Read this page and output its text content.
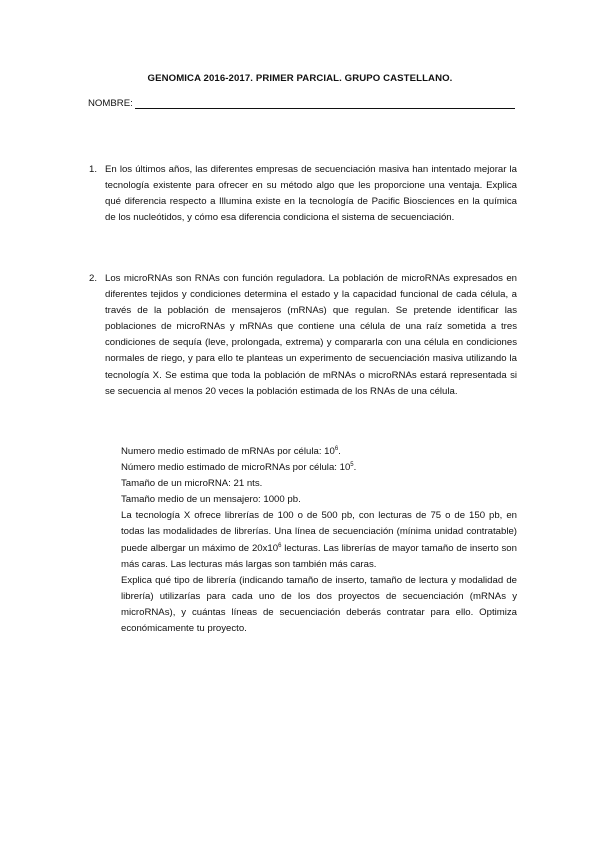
GENOMICA 2016-2017. PRIMER PARCIAL. GRUPO CASTELLANO.
NOMBRE:
1. En los últimos años, las diferentes empresas de secuenciación masiva han intentado mejorar la tecnología existente para ofrecer en su método algo que les proporcione una ventaja. Explica qué diferencia respecto a Illumina existe en la tecnología de Pacific Biosciences en la química de los nucleótidos, y cómo esa diferencia condiciona el sistema de secuenciación.
2. Los microRNAs son RNAs con función reguladora. La población de microRNAs expresados en diferentes tejidos y condiciones determina el estado y la capacidad funcional de cada célula, a través de la población de mensajeros (mRNAs) que regulan. Se pretende identificar las poblaciones de microRNAs y mRNAs que contiene una célula de una raíz sometida a tres condiciones de sequía (leve, prolongada, extrema) y compararla con una célula en condiciones normales de riego, y para ello te planteas un experimento de secuenciación masiva utilizando la tecnología X. Se estima que toda la población de mRNAs o microRNAs estará representada si se secuencia al menos 20 veces la población estimada de los RNAs de una célula.

Numero medio estimado de mRNAs por célula: $10^6$.

Número medio estimado de microRNAs por célula: $10^5$.

Tamaño de un microRNA: 21 nts.

Tamaño medio de un mensajero: 1000 pb.

La tecnología X ofrece librerías de 100 o de 500 pb, con lecturas de 75 o de 150 pb, en todas las modalidades de librerías. Una línea de secuenciación (mínima unidad contratable) puede albergar un máximo de $20x10^6$ lecturas. Las librerías de mayor tamaño de inserto son más caras. Las lecturas más largas son también más caras.

Explica qué tipo de librería (indicando tamaño de inserto, tamaño de lectura y modalidad de librería) utilizarías para cada uno de los dos proyectos de secuenciación (mRNAs y microRNAs), y cuántas líneas de secuenciación deberás contratar para ello. Optimiza económicamente tu proyecto.
